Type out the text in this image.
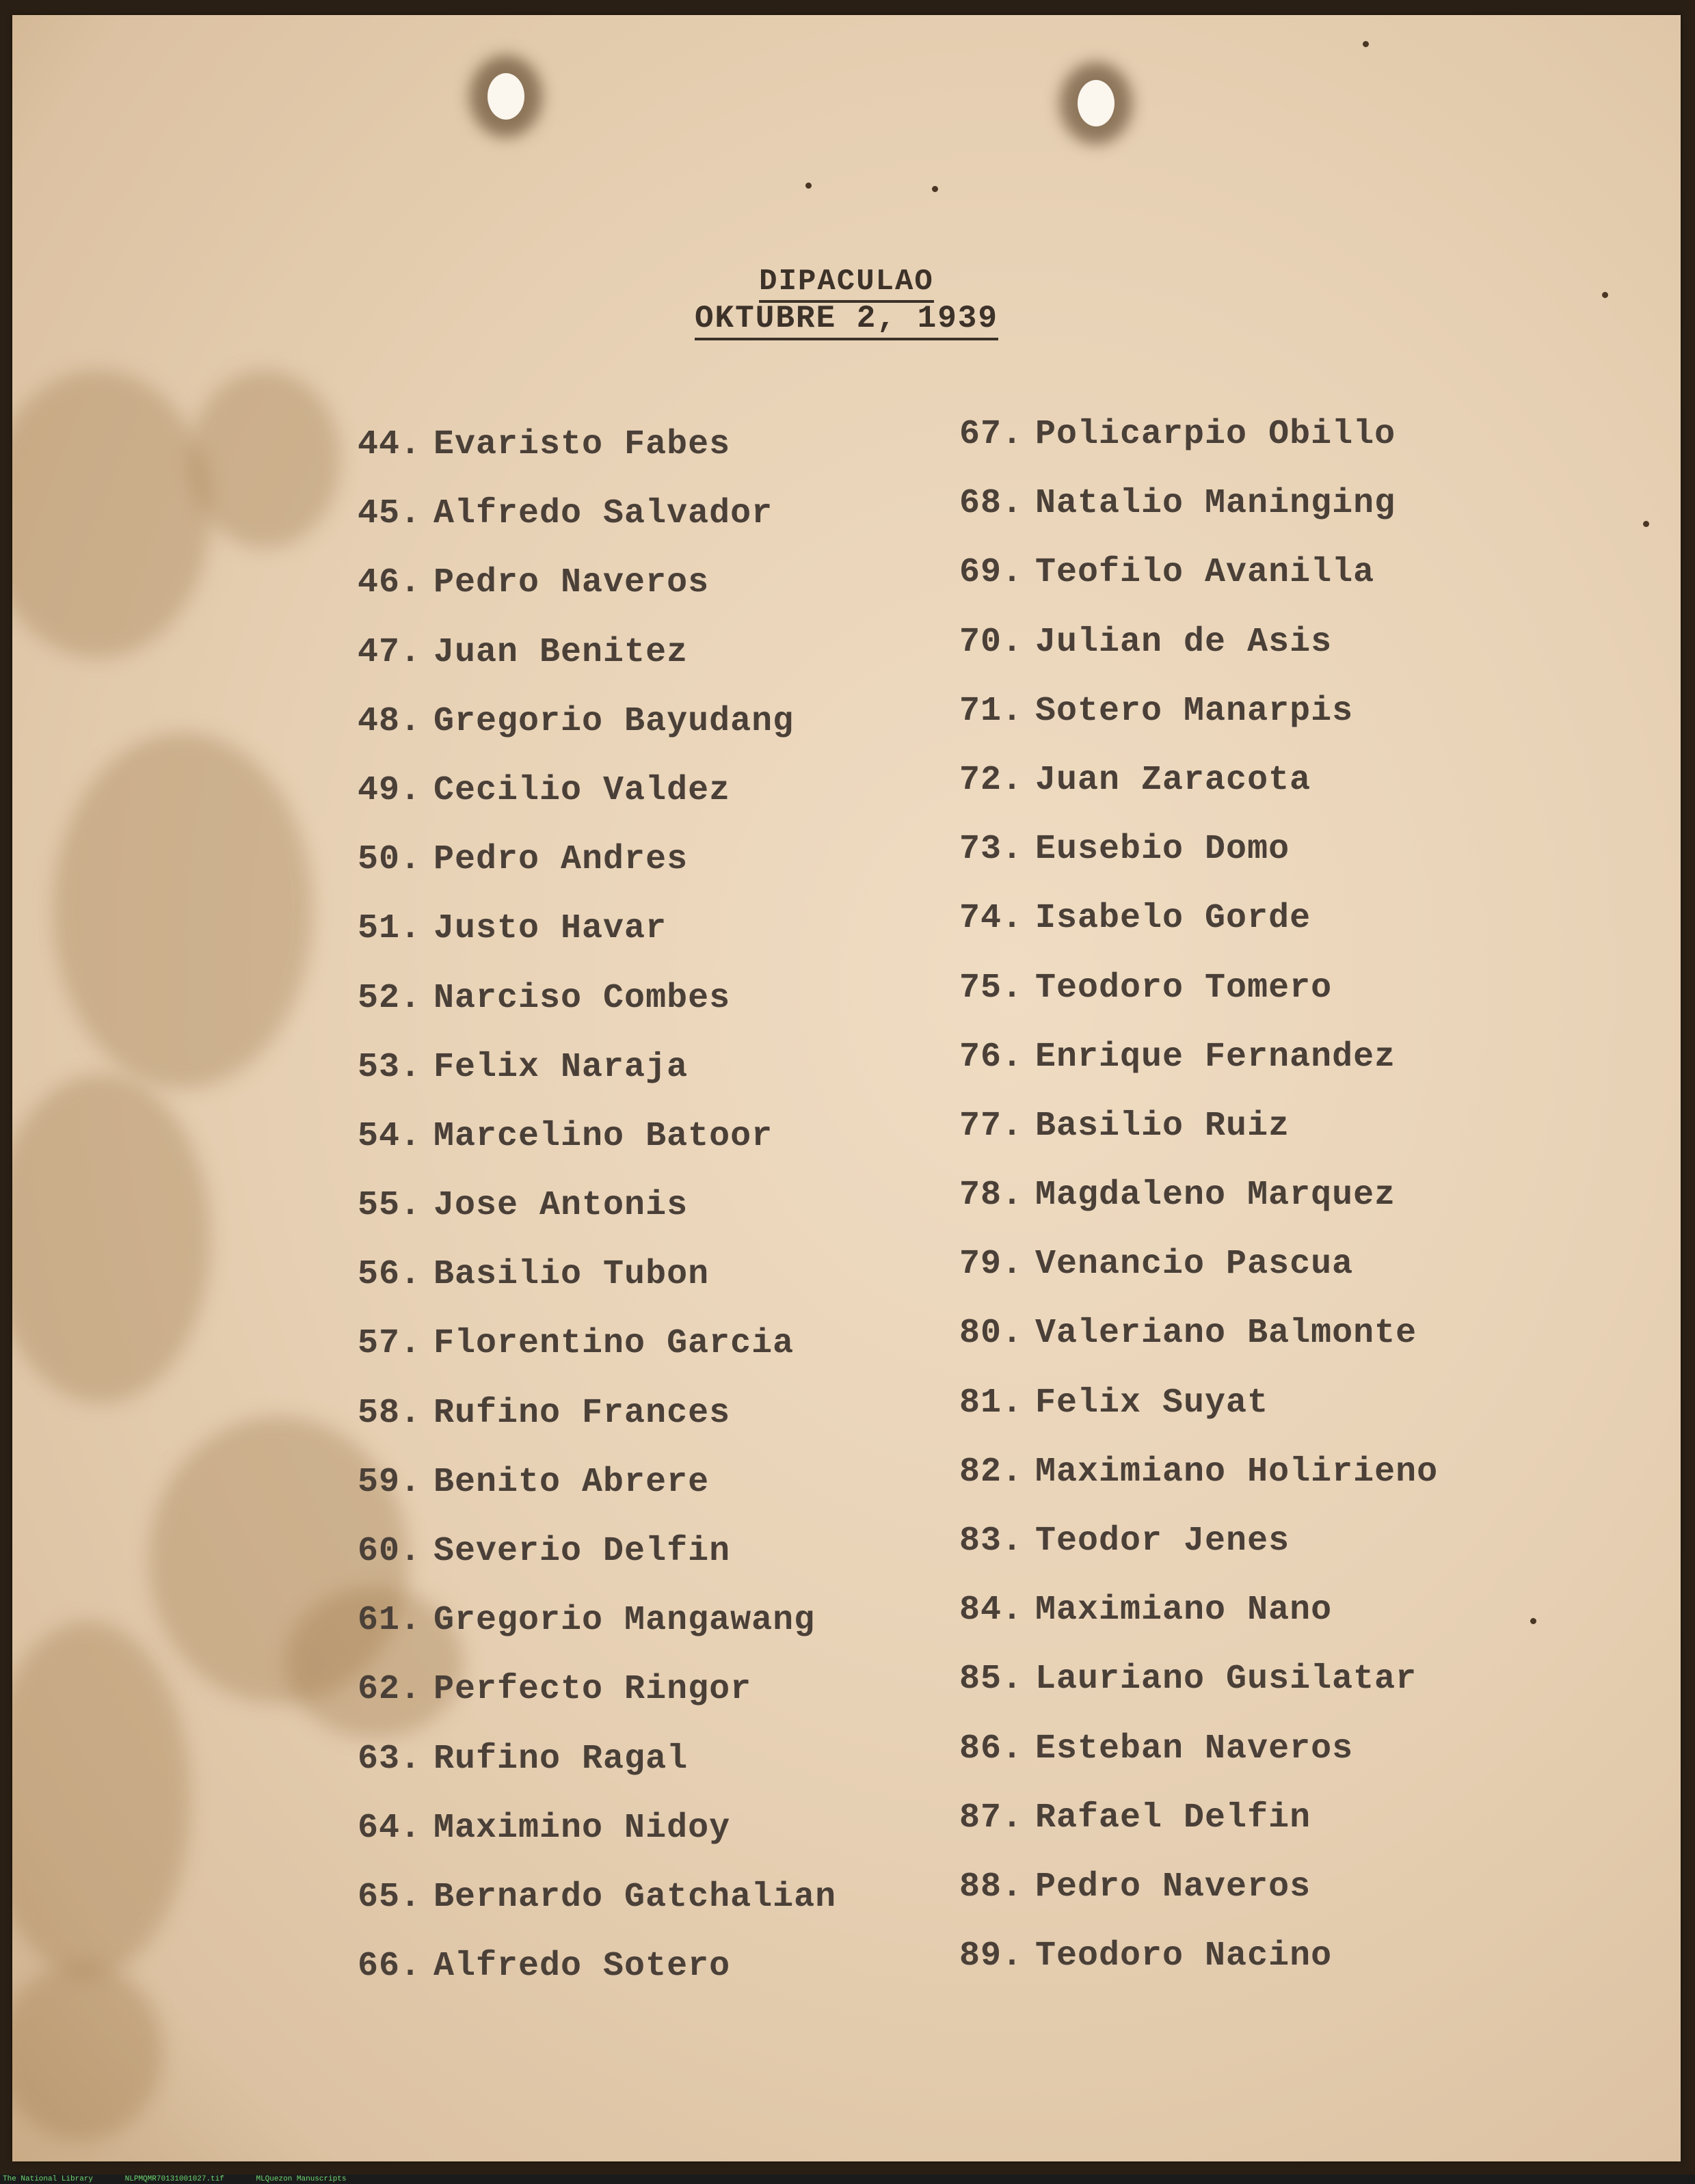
DIPACULAO
OKTUBRE 2, 1939
44. Evaristo Fabes
45. Alfredo Salvador
46. Pedro Naveros
47. Juan Benitez
48. Gregorio Bayudang
49. Cecilio Valdez
50. Pedro Andres
51. Justo Havar
52. Narciso Combes
53. Felix Naraja
54. Marcelino Batoor
55. Jose Antonis
56. Basilio Tubon
57. Florentino Garcia
58. Rufino Frances
59. Benito Abrere
60. Severio Delfin
61. Gregorio Mangawang
62. Perfecto Ringor
63. Rufino Ragal
64. Maximino Nidoy
65. Bernardo Gatchalian
66. Alfredo Sotero
67. Policarpio Obillo
68. Natalio Maninging
69. Teofilo Avanilla
70. Julian de Asis
71. Sotero Manarpis
72. Juan Zaracota
73. Eusebio Domo
74. Isabelo Gorde
75. Teodoro Tomero
76. Enrique Fernandez
77. Basilio Ruiz
78. Magdaleno Marquez
79. Venancio Pascua
80. Valeriano Balmonte
81. Felix Suyat
82. Maximiano Holirieno
83. Teodor Jenes
84. Maximiano Nano
85. Lauriano Gusilatar
86. Esteban Naveros
87. Rafael Delfin
88. Pedro Naveros
89. Teodoro Nacino
The National Library	NLPMQMR70131001027.tif	MLQuezon Manuscripts
